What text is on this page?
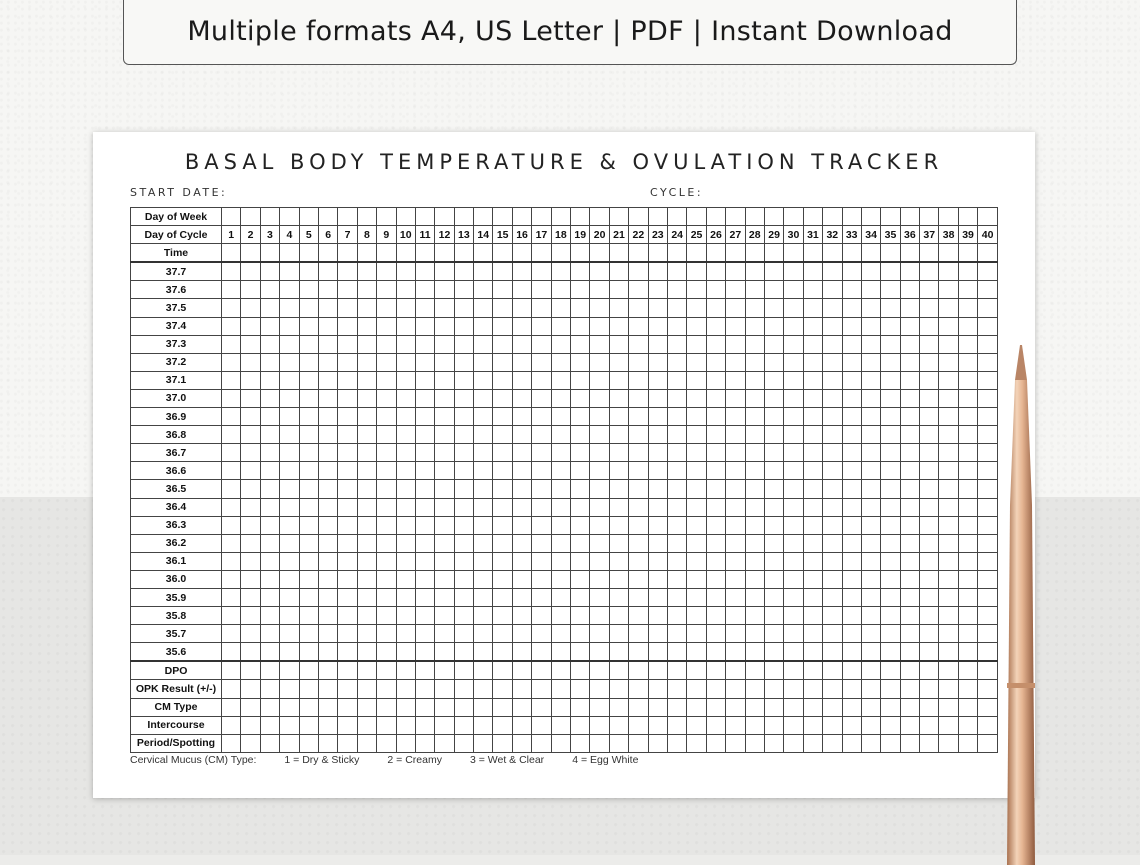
Multiple formats A4, US Letter | PDF | Instant Download
BASAL BODY TEMPERATURE & OVULATION TRACKER
START DATE:	CYCLE:
Day of Week																																								
Day of Cycle	1	2	3	4	5	6	7	8	9	10	11	12	13	14	15	16	17	18	19	20	21	22	23	24	25	26	27	28	29	30	31	32	33	34	35	36	37	38	39	40
Time																																								
37.7																																								
37.6																																								
37.5																																								
37.4																																								
37.3																																								
37.2																																								
37.1																																								
37.0																																								
36.9																																								
36.8																																								
36.7																																								
36.6																																								
36.5																																								
36.4																																								
36.3																																								
36.2																																								
36.1																																								
36.0																																								
35.9																																								
35.8																																								
35.7																																								
35.6																																								
DPO																																								
OPK Result (+/-)																																								
CM Type																																								
Intercourse																																								
Period/Spotting																																								
Cervical Mucus (CM) Type:	1 = Dry & Sticky	2 = Creamy	3 = Wet & Clear	4 = Egg White
